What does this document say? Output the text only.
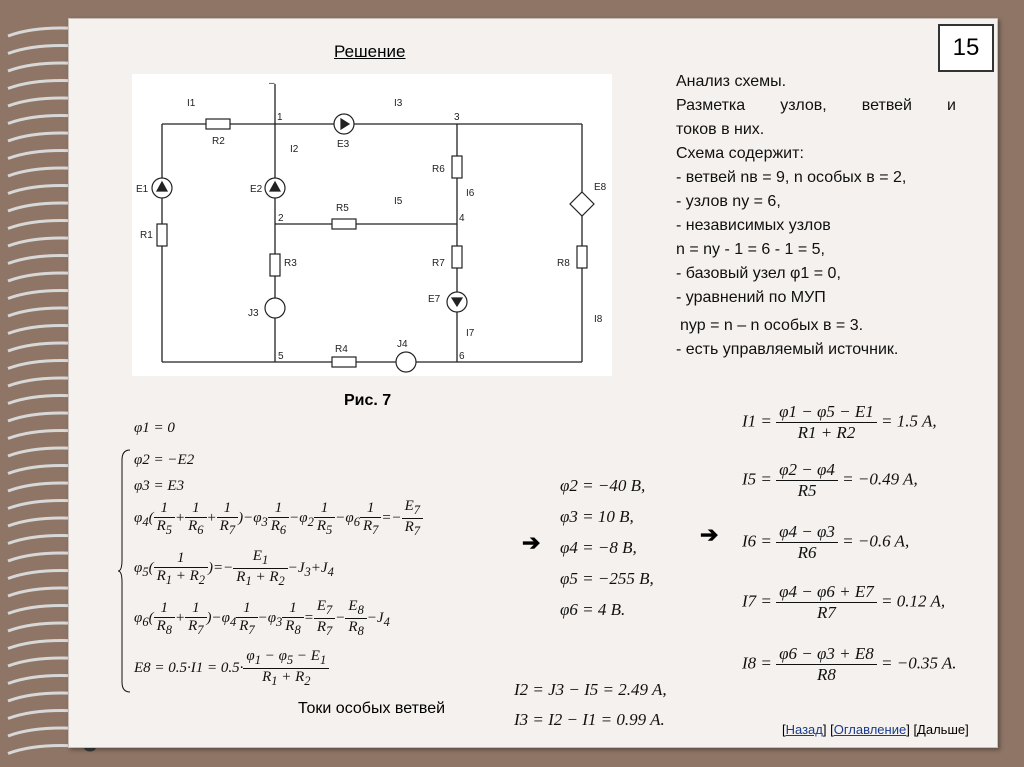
15
Решение
I1
R2
1
–
I3
3
I2	E3
E1	E2
R6
I6
E8
2
R5
I5
4
R1
R3	R7	R8
E7
J3
I8
I7
R4	J4
5	6
Рис. 7
Анализ схемы.
Разметка узлов, ветвей и
токов в них.
Схема содержит:
- ветвей nв = 9, n особых в = 2,
- узлов nу = 6,
- независимых узлов
n = nу - 1 = 6 - 1 = 5,
- базовый узел φ1 = 0,
- уравнений по МУП
nур = n – n особых в = 3.
- есть управляемый источник.
φ1 = 0
φ2 = −E2
φ3 = E3
$\varphi_4( \frac{1}{R_5} + \frac{1}{R_6} + \frac{1}{R_7} )-\varphi_3 \frac{1}{R_6} -\varphi_2 \frac{1}{R_5} -\varphi_6 \frac{1}{R_7} =- \frac{E_7}{R_7}$
$\varphi_5( \frac{1}{R_1 + R_2}$ )=− $\frac{E_1}{R_1 + R_2} -J_3+J_4$
$\varphi_6( \frac{1}{R_8} + \frac{1}{R_7} )-\varphi_4 \frac{1}{R_7} -\varphi_3 \frac{1}{R_8} = \frac{E_7}{R_7} - \frac{E_8}{R_8} -J_4$
$E8 = 0.5\cdot I1 = 0.5\cdot \frac{\varphi_1 - \varphi_5 - E_1}{R_1 + R_2}$
➔
φ2 = −40 В,
φ3 = 10 В,
φ4 = −8 В,
φ5 = −255 В,
φ6 = 4 В.
➔
$I1 = \frac{\varphi 1 - \varphi 5 - E1}{R1 + R2} = 1.5$ A,
$I5 = \frac{\varphi 2 - \varphi 4}{R5} = -0.49$ A,
$I6 = \frac{\varphi 4 - \varphi 3}{R6} = -0.6$ A,
$I7 = \frac{\varphi 4 - \varphi 6 + E7}{R7} = 0.12$ A,
$I8 = \frac{\varphi 6 - \varphi 3 + E8}{R8} = -0.35$ A.
I2 = J3 − I5 = 2.49 A,
I3 = I2 − I1 = 0.99 A.
Токи особых ветвей
[Назад] [Оглавление] [Дальше]
